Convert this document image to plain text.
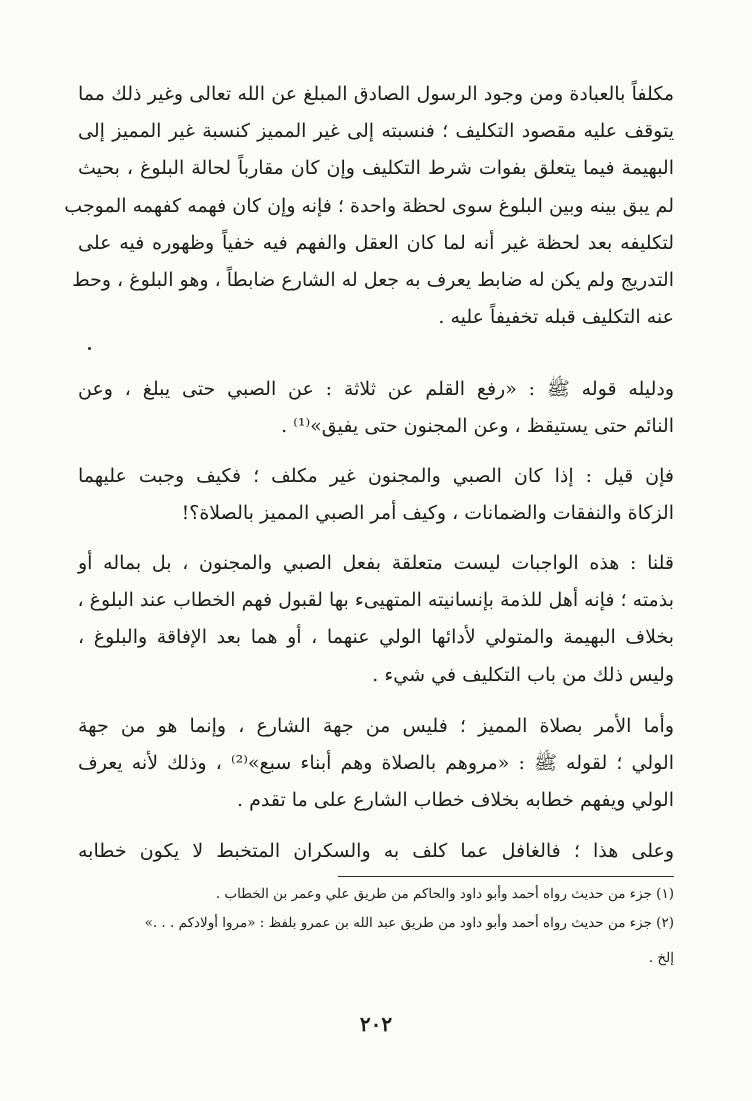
مكلفاً بالعبادة ومن وجود الرسول الصادق المبلغ عن الله تعالى وغير ذلك مما

يتوقف عليه مقصود التكليف ؛ فنسبته إلى غير المميز كنسبة غير المميز إلى

البهيمة فيما يتعلق بفوات شرط التكليف وإن كان مقارباً لحالة البلوغ ، بحيث

لم يبق بينه وبين البلوغ سوى لحظة واحدة ؛ فإنه وإن كان فهمه كفهمه الموجب

لتكليفه بعد لحظة غير أنه لما كان العقل والفهم فيه خفياً وظهوره فيه على

التدريج ولم يكن له ضابط يعرف به جعل له الشارع ضابطاً ، وهو البلوغ ، وحط

عنه التكليف قبله تخفيفاً عليه .

ودليله قوله ﷺ : «رفع القلم عن ثلاثة : عن الصبي حتى يبلغ ، وعن

النائم حتى يستيقظ ، وعن المجنون حتى يفيق»⁽¹⁾ .

فإن قيل : إذا كان الصبي والمجنون غير مكلف ؛ فكيف وجبت عليهما

الزكاة والنفقات والضمانات ، وكيف أمر الصبي المميز بالصلاة؟!

قلنا : هذه الواجبات ليست متعلقة بفعل الصبي والمجنون ، بل بماله أو

بذمته ؛ فإنه أهل للذمة بإنسانيته المتهيىء بها لقبول فهم الخطاب عند البلوغ ،

بخلاف البهيمة والمتولي لأدائها الولي عنهما ، أو هما بعد الإفاقة والبلوغ ،

وليس ذلك من باب التكليف في شيء .

وأما الأمر بصلاة المميز ؛ فليس من جهة الشارع ، وإنما هو من جهة

الولي ؛ لقوله ﷺ : «مروهم بالصلاة وهم أبناء سبع»⁽²⁾ ، وذلك لأنه يعرف

الولي ويفهم خطابه بخلاف خطاب الشارع على ما تقدم .

وعلى هذا ؛ فالغافل عما كلف به والسكران المتخبط لا يكون خطابه

(١) جزء من حديث رواه أحمد وأبو داود والحاكم من طريق علي وعمر بن الخطاب .

(٢) جزء من حديث رواه أحمد وأبو داود من طريق عبد الله بن عمرو بلفظ : «مروا أولادكم . . .»

إلخ .

٢٠٢
